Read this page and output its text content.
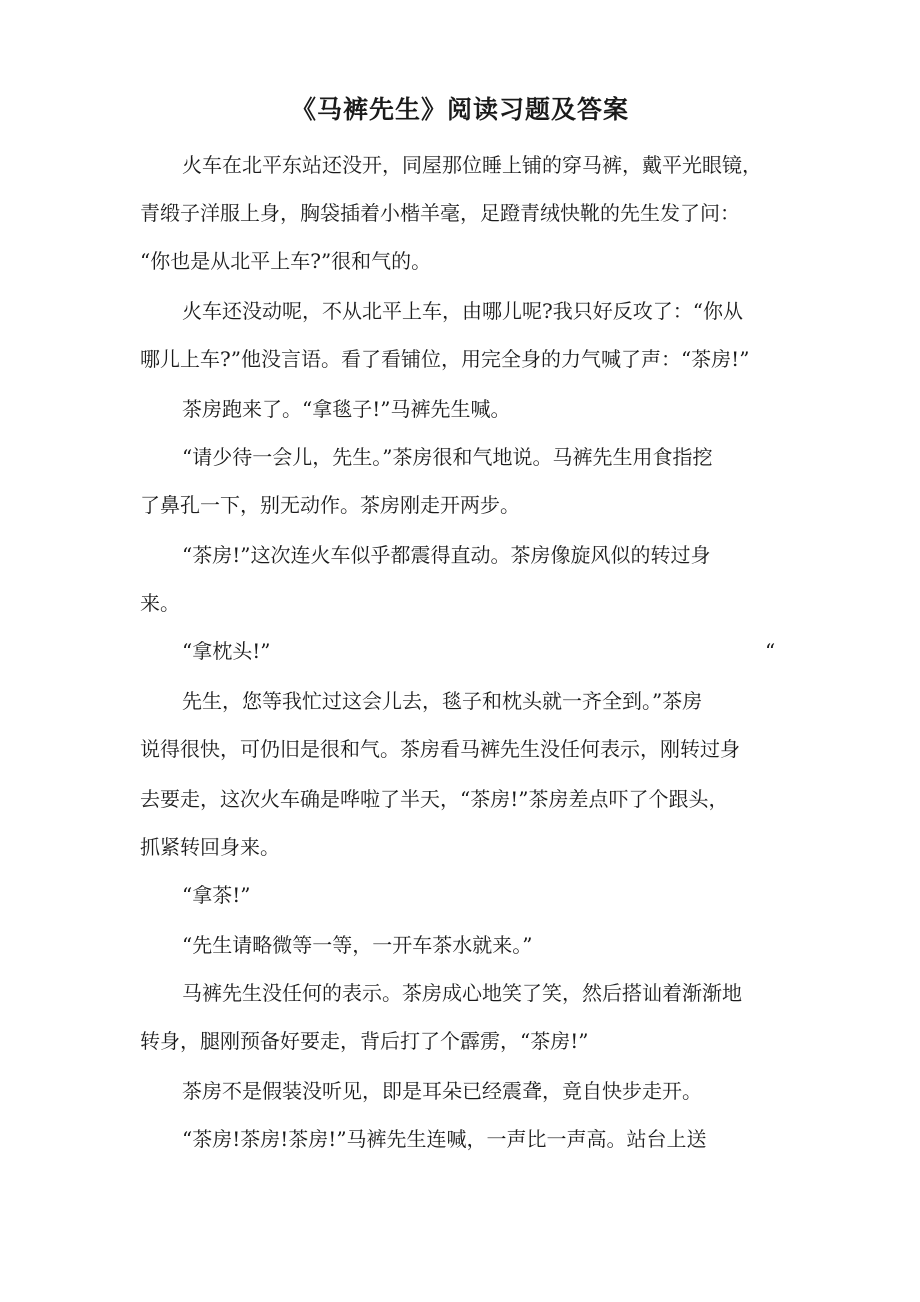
《马裤先生》阅读习题及答案
火车在北平东站还没开，同屋那位睡上铺的穿马裤，戴平光眼镜，
青缎子洋服上身，胸袋插着小楷羊毫，足蹬青绒快靴的先生发了问：
“你也是从北平上车?”很和气的。
火车还没动呢，不从北平上车，由哪儿呢?我只好反攻了：“你从
哪儿上车?”他没言语。看了看铺位，用完全身的力气喊了声：“茶房!”
茶房跑来了。“拿毯子!”马裤先生喊。
“请少待一会儿，先生。”茶房很和气地说。马裤先生用食指挖
了鼻孔一下，别无动作。茶房刚走开两步。
“茶房!”这次连火车似乎都震得直动。茶房像旋风似的转过身
来。
“拿枕头!”	“
先生，您等我忙过这会儿去，毯子和枕头就一齐全到。”茶房
说得很快，可仍旧是很和气。茶房看马裤先生没任何表示，刚转过身
去要走，这次火车确是哗啦了半天，“茶房!”茶房差点吓了个跟头，
抓紧转回身来。
“拿茶!”
“先生请略微等一等，一开车茶水就来。”
马裤先生没任何的表示。茶房成心地笑了笑，然后搭讪着渐渐地
转身，腿刚预备好要走，背后打了个霹雳，“茶房!”
茶房不是假装没听见，即是耳朵已经震聋，竟自快步走开。
“茶房!茶房!茶房!”马裤先生连喊，一声比一声高。站台上送
